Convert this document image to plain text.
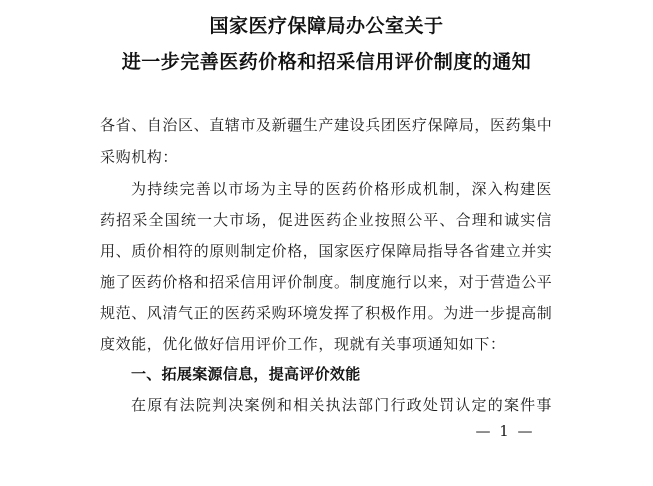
国家医疗保障局办公室关于
进一步完善医药价格和招采信用评价制度的通知
各省、自治区、直辖市及新疆生产建设兵团医疗保障局，医药集中
采购机构：
为持续完善以市场为主导的医药价格形成机制，深入构建医
药招采全国统一大市场，促进医药企业按照公平、合理和诚实信
用、质价相符的原则制定价格，国家医疗保障局指导各省建立并实
施了医药价格和招采信用评价制度。制度施行以来，对于营造公平
规范、风清气正的医药采购环境发挥了积极作用。为进一步提高制
度效能，优化做好信用评价工作，现就有关事项通知如下：
一、拓展案源信息，提高评价效能
在原有法院判决案例和相关执法部门行政处罚认定的案件事
— 1 —
